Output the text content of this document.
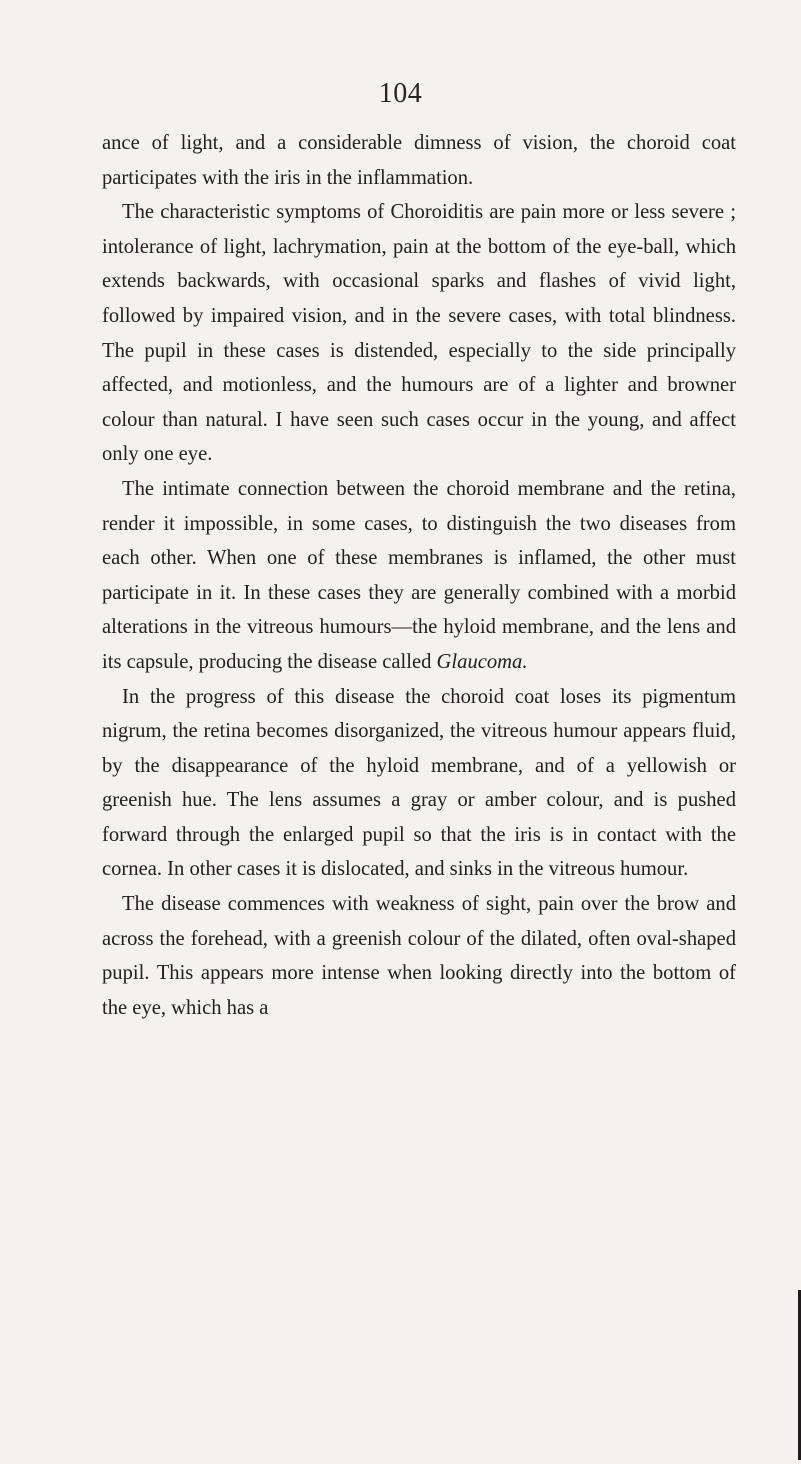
104

ance of light, and a considerable dimness of vision, the choroid coat participates with the iris in the inflammation.

The characteristic symptoms of Choroiditis are pain more or less severe ; intolerance of light, lachrymation, pain at the bottom of the eye-ball, which extends backwards, with occasional sparks and flashes of vivid light, followed by impaired vision, and in the severe cases, with total blindness. The pupil in these cases is distended, especially to the side principally affected, and motionless, and the humours are of a lighter and browner colour than natural. I have seen such cases occur in the young, and affect only one eye.

The intimate connection between the choroid membrane and the retina, render it impossible, in some cases, to distinguish the two diseases from each other. When one of these membranes is inflamed, the other must participate in it. In these cases they are generally combined with a morbid alterations in the vitreous humours—the hyloid membrane, and the lens and its capsule, producing the disease called Glaucoma.

In the progress of this disease the choroid coat loses its pigmentum nigrum, the retina becomes disorganized, the vitreous humour appears fluid, by the disappearance of the hyloid membrane, and of a yellowish or greenish hue. The lens assumes a gray or amber colour, and is pushed forward through the enlarged pupil so that the iris is in contact with the cornea. In other cases it is dislocated, and sinks in the vitreous humour.

The disease commences with weakness of sight, pain over the brow and across the forehead, with a greenish colour of the dilated, often oval-shaped pupil. This appears more intense when looking directly into the bottom of the eye, which has a
